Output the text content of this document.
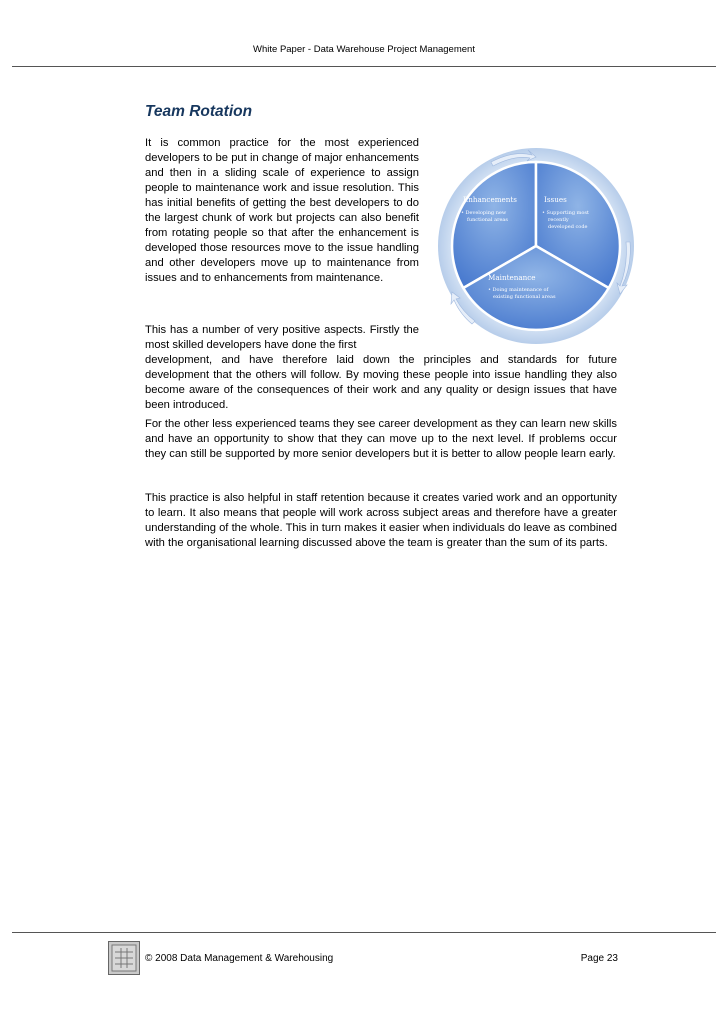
White Paper - Data Warehouse Project Management
Team Rotation

It is common practice for the most experienced developers to be put in change of major enhancements and then in a sliding scale of experience to assign people to maintenance work and issue resolution. This has initial benefits of getting the best developers to do the largest chunk of work but projects can also benefit from rotating people so that after the enhancement is developed those resources move to the issue handling and other developers move up to maintenance from issues and to enhancements from maintenance.

Enhancements
• Developing new
functional areas
Issues
• Supporting most
recently
developed code
Maintenance
• Doing maintenance of
existing functional areas

This has a number of very positive aspects. Firstly the most skilled developers have done the first

development, and have therefore laid down the principles and standards for future development that the others will follow. By moving these people into issue handling they also become aware of the consequences of their work and any quality or design issues that have been introduced.

For the other less experienced teams they see career development as they can learn new skills and have an opportunity to show that they can move up to the next level. If problems occur they can still be supported by more senior developers but it is better to allow people learn early.

This practice is also helpful in staff retention because it creates varied work and an opportunity to learn. It also means that people will work across subject areas and therefore have a greater understanding of the whole. This in turn makes it easier when individuals do leave as combined with the organisational learning discussed above the team is greater than the sum of its parts.

© 2008 Data Management & Warehousing	Page 23
